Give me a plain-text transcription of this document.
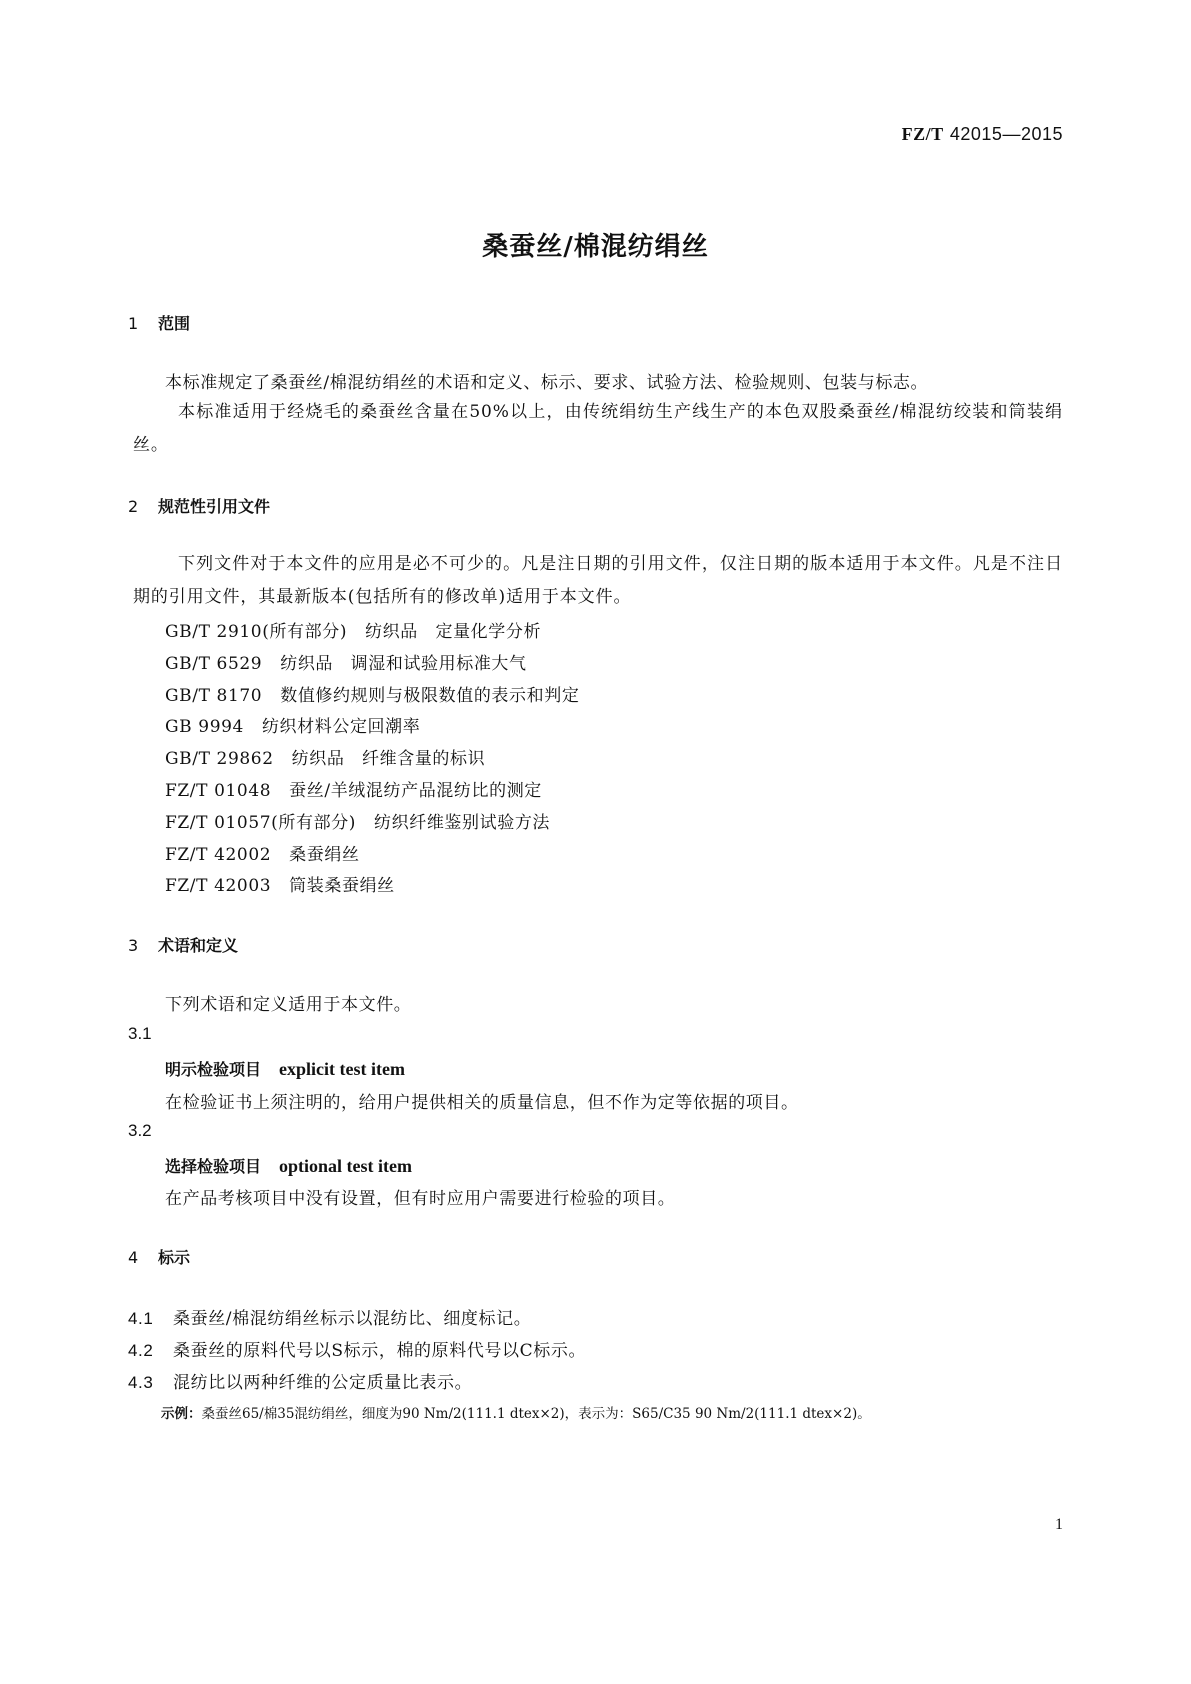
FZ/T 42015—2015
桑蚕丝/棉混纺绢丝
1 范围
本标准规定了桑蚕丝/棉混纺绢丝的术语和定义、标示、要求、试验方法、检验规则、包装与标志。
本标准适用于经烧毛的桑蚕丝含量在50%以上，由传统绢纺生产线生产的本色双股桑蚕丝/棉混纺绞装和筒装绢丝。
2 规范性引用文件
下列文件对于本文件的应用是必不可少的。凡是注日期的引用文件，仅注日期的版本适用于本文件。凡是不注日期的引用文件，其最新版本(包括所有的修改单)适用于本文件。
GB/T 2910(所有部分) 纺织品　定量化学分析
GB/T 6529 纺织品　调湿和试验用标准大气
GB/T 8170 数值修约规则与极限数值的表示和判定
GB 9994 纺织材料公定回潮率
GB/T 29862 纺织品　纤维含量的标识
FZ/T 01048 蚕丝/羊绒混纺产品混纺比的测定
FZ/T 01057(所有部分) 纺织纤维鉴别试验方法
FZ/T 42002 桑蚕绢丝
FZ/T 42003 筒装桑蚕绢丝
3 术语和定义
下列术语和定义适用于本文件。
3.1
明示检验项目 explicit test item
在检验证书上须注明的，给用户提供相关的质量信息，但不作为定等依据的项目。
3.2
选择检验项目 optional test item
在产品考核项目中没有设置，但有时应用户需要进行检验的项目。
4 标示
4.1 桑蚕丝/棉混纺绢丝标示以混纺比、细度标记。
4.2 桑蚕丝的原料代号以S标示，棉的原料代号以C标示。
4.3 混纺比以两种纤维的公定质量比表示。
示例：桑蚕丝65/棉35混纺绢丝，细度为90 Nm/2(111.1 dtex×2)，表示为：S65/C35 90 Nm/2(111.1 dtex×2)。
1
